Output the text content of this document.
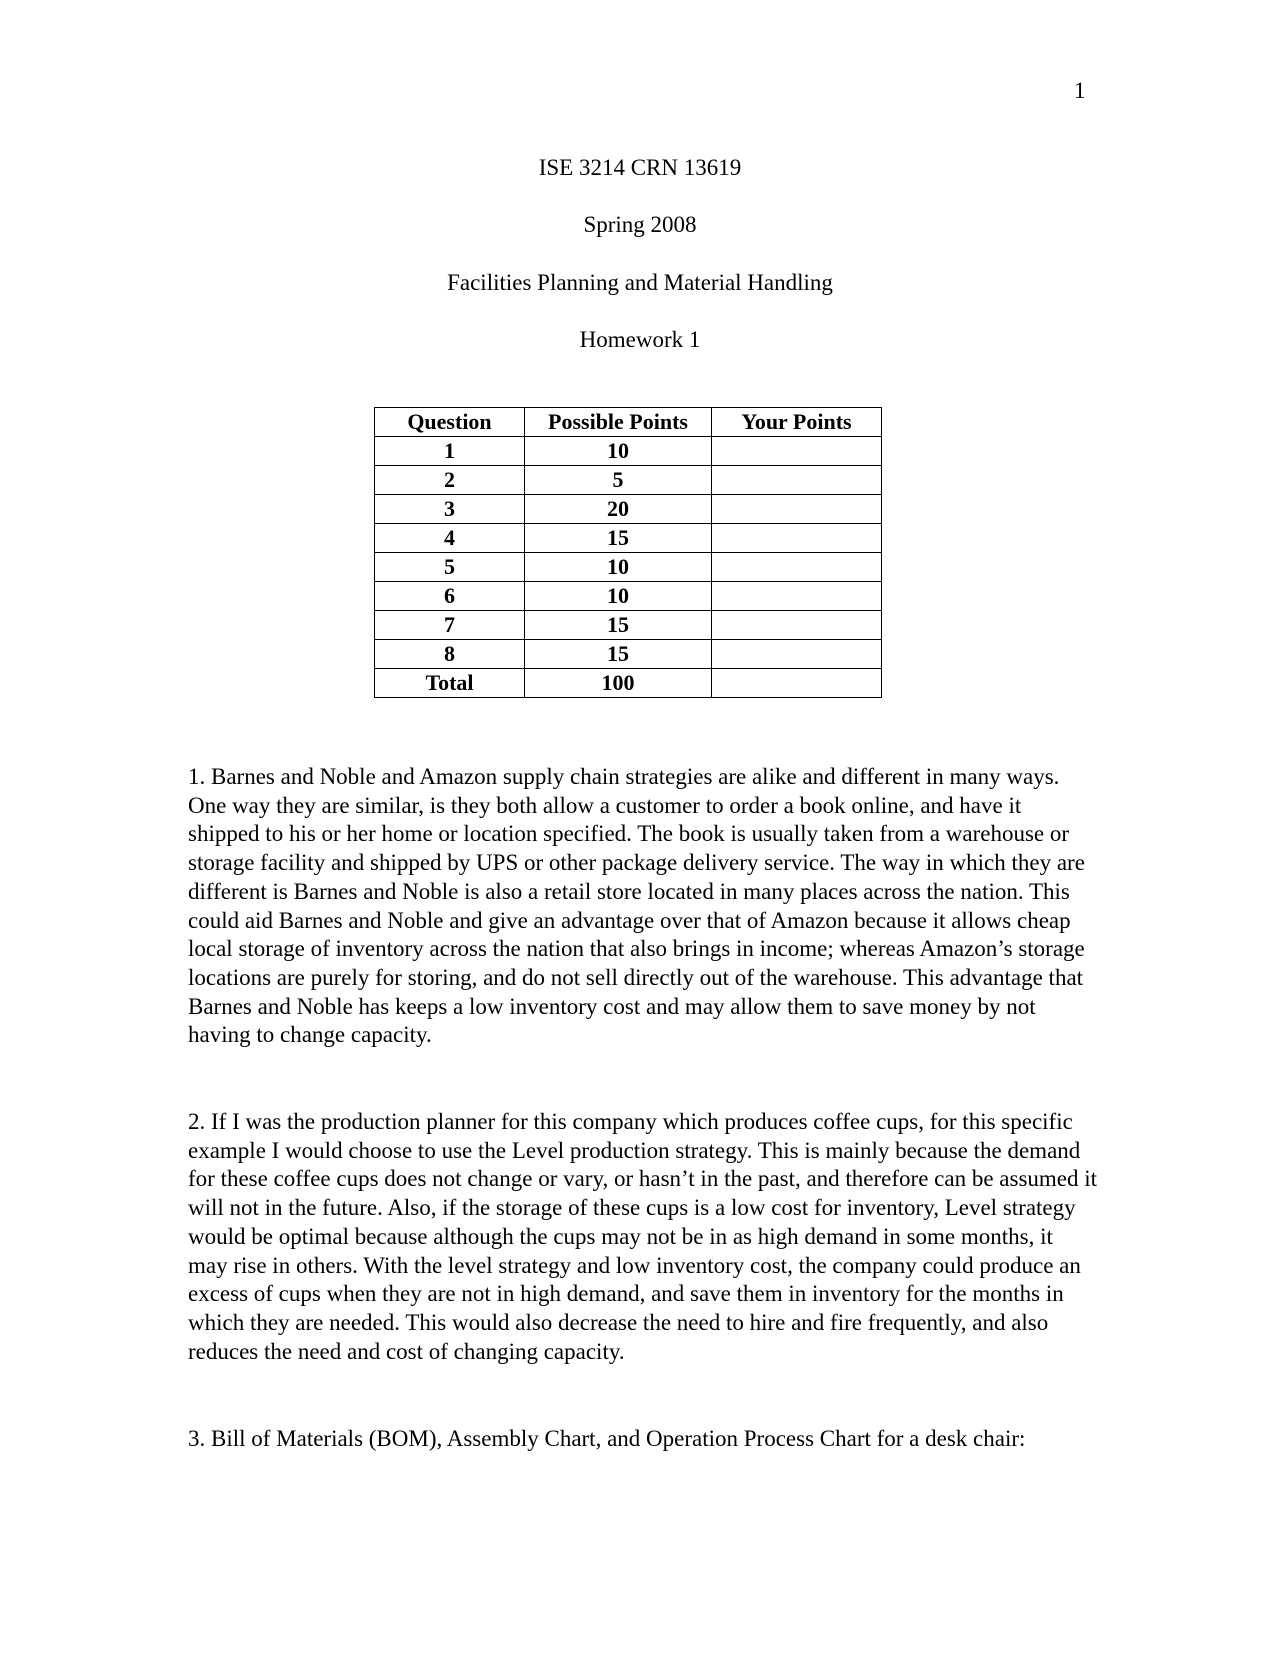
1
ISE 3214 CRN 13619
Spring 2008
Facilities Planning and Material Handling
Homework 1
Question	Possible Points	Your Points
1	10	
2	5	
3	20	
4	15	
5	10	
6	10	
7	15	
8	15	
Total	100	

1. Barnes and Noble and Amazon supply chain strategies are alike and different in many ways. One way they are similar, is they both allow a customer to order a book online, and have it shipped to his or her home or location specified. The book is usually taken from a warehouse or storage facility and shipped by UPS or other package delivery service. The way in which they are different is Barnes and Noble is also a retail store located in many places across the nation. This could aid Barnes and Noble and give an advantage over that of Amazon because it allows cheap local storage of inventory across the nation that also brings in income; whereas Amazon’s storage locations are purely for storing, and do not sell directly out of the warehouse. This advantage that Barnes and Noble has keeps a low inventory cost and may allow them to save money by not having to change capacity.

2. If I was the production planner for this company which produces coffee cups, for this specific example I would choose to use the Level production strategy. This is mainly because the demand for these coffee cups does not change or vary, or hasn’t in the past, and therefore can be assumed it will not in the future. Also, if the storage of these cups is a low cost for inventory, Level strategy would be optimal because although the cups may not be in as high demand in some months, it may rise in others. With the level strategy and low inventory cost, the company could produce an excess of cups when they are not in high demand, and save them in inventory for the months in which they are needed. This would also decrease the need to hire and fire frequently, and also reduces the need and cost of changing capacity.

3. Bill of Materials (BOM), Assembly Chart, and Operation Process Chart for a desk chair:
